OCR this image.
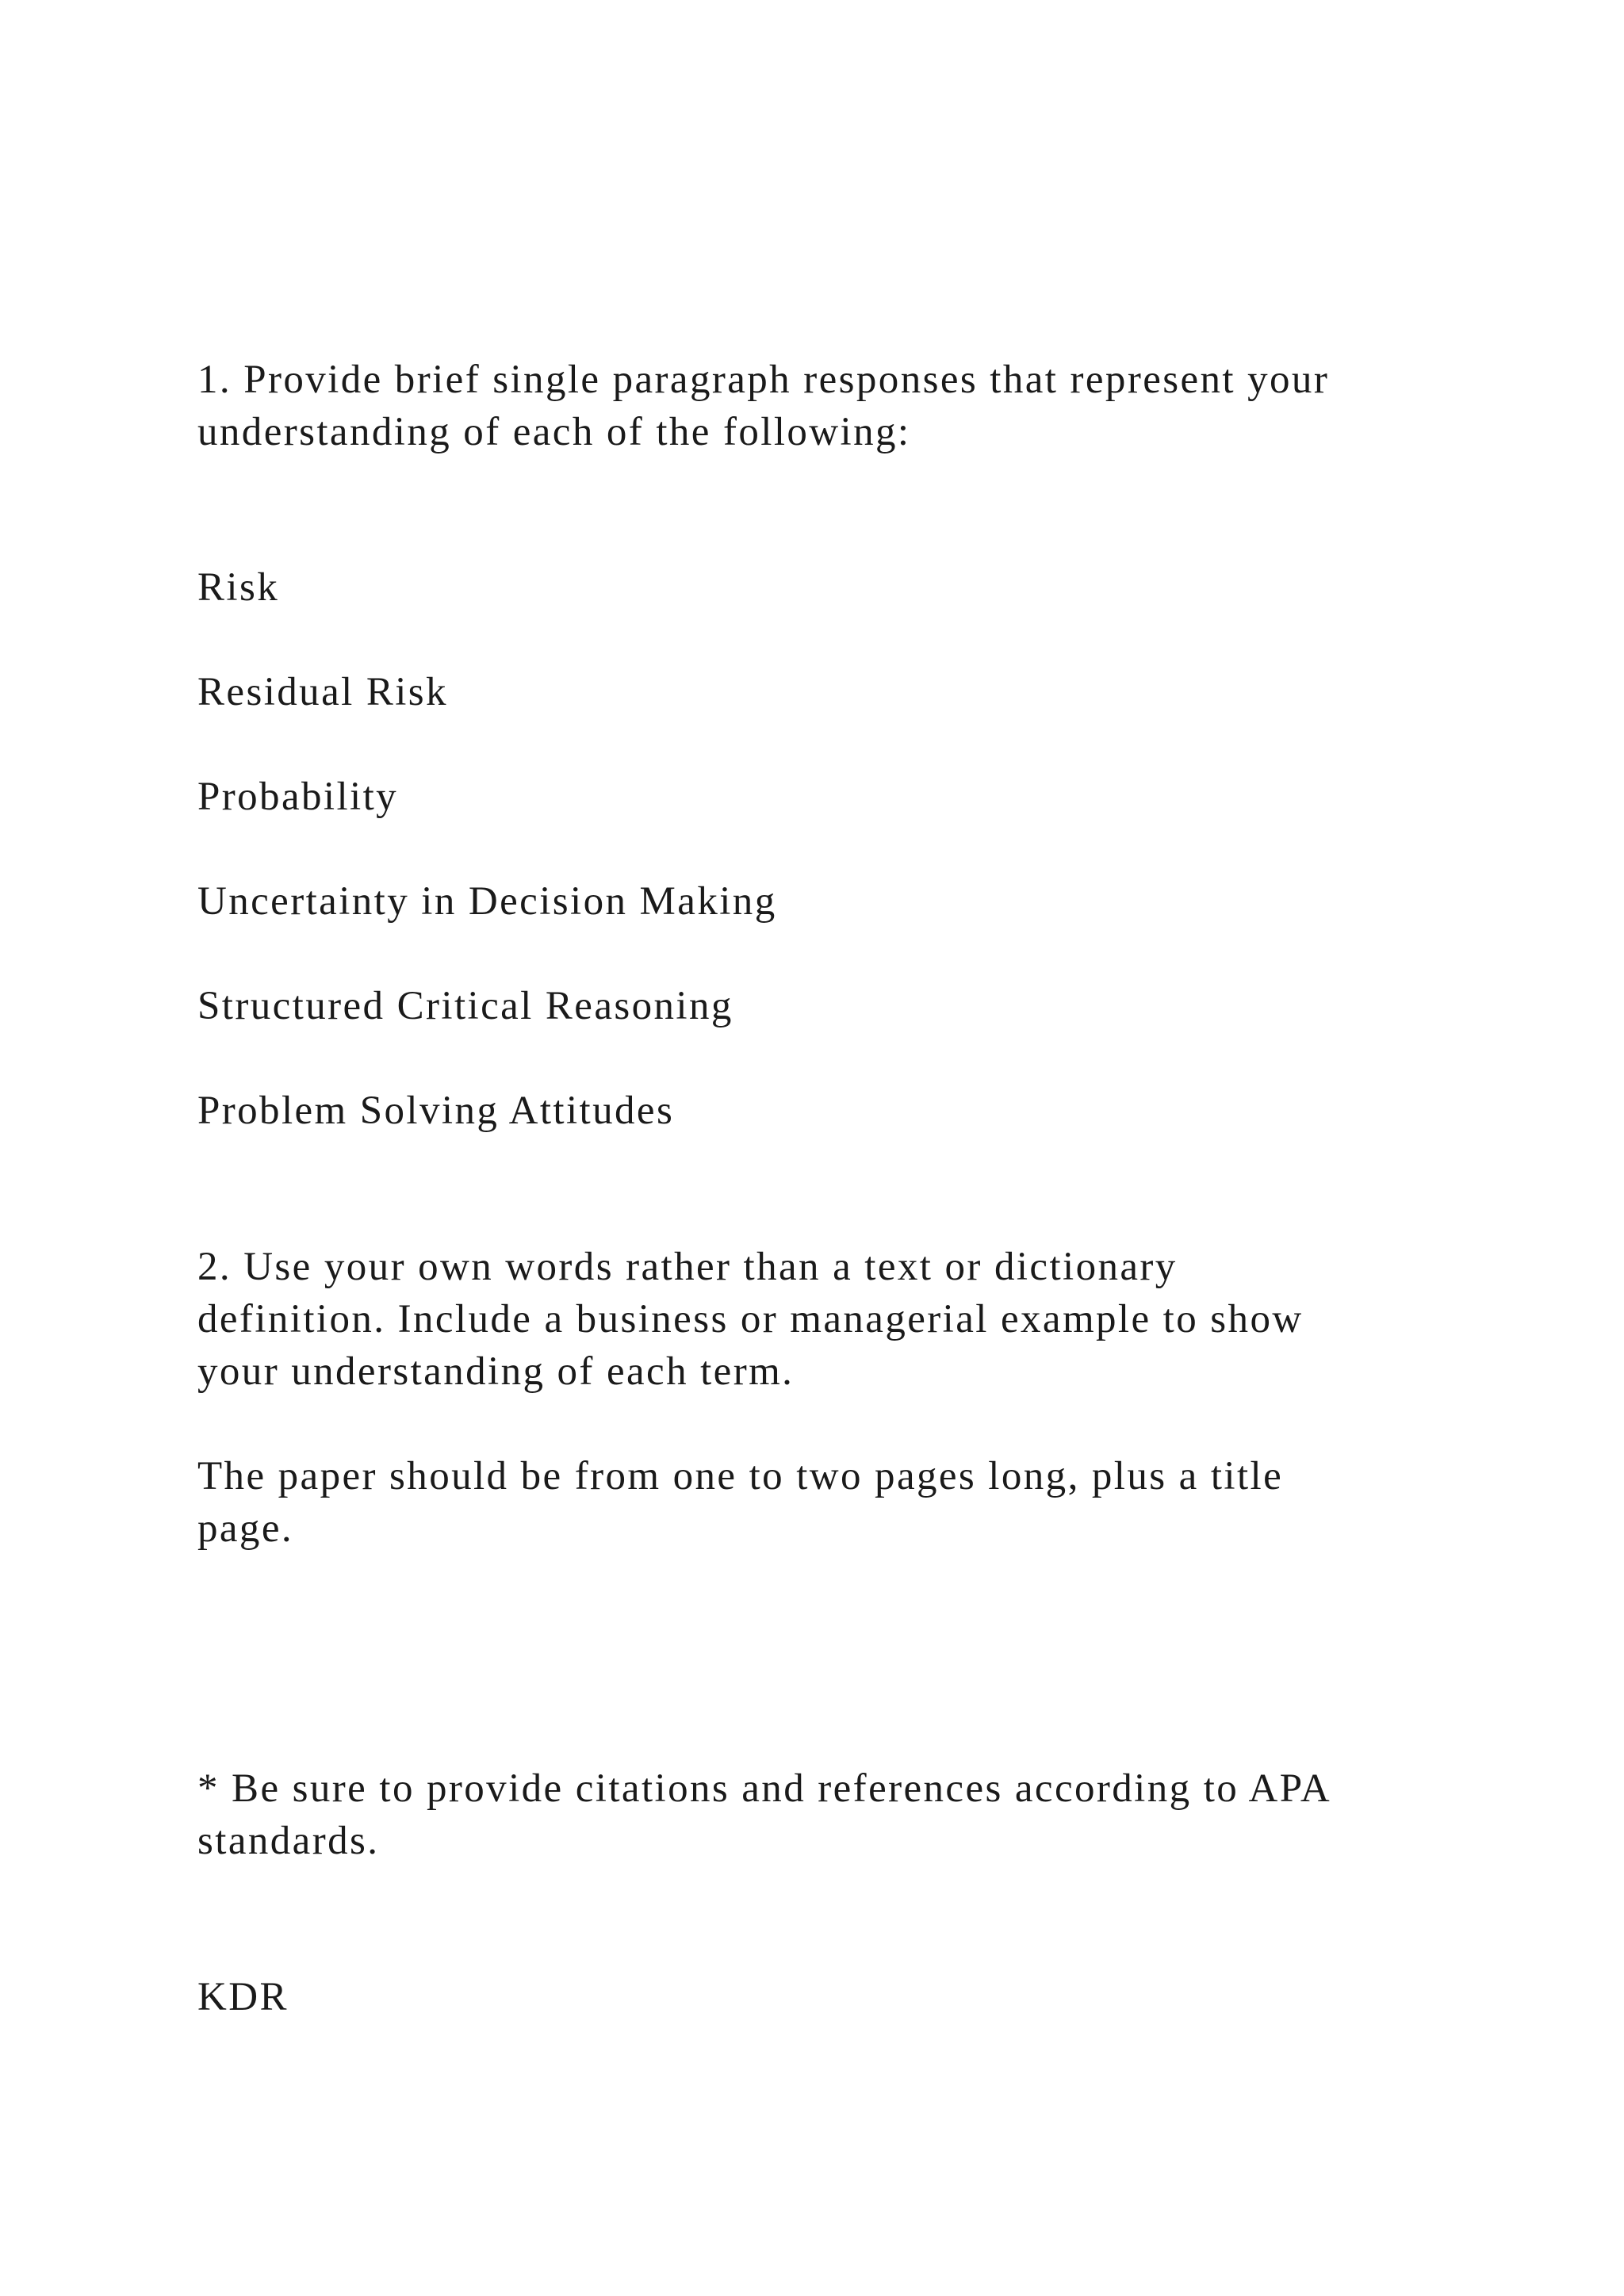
1. Provide brief single paragraph responses that represent your

understanding of each of the following:

Risk

Residual Risk

Probability

Uncertainty in Decision Making

Structured Critical Reasoning

Problem Solving Attitudes

2. Use your own words rather than a text or dictionary

definition. Include a business or managerial example to show

your understanding of each term.

The paper should be from one to two pages long, plus a title

page.

* Be sure to provide citations and references according to APA

standards.

KDR
